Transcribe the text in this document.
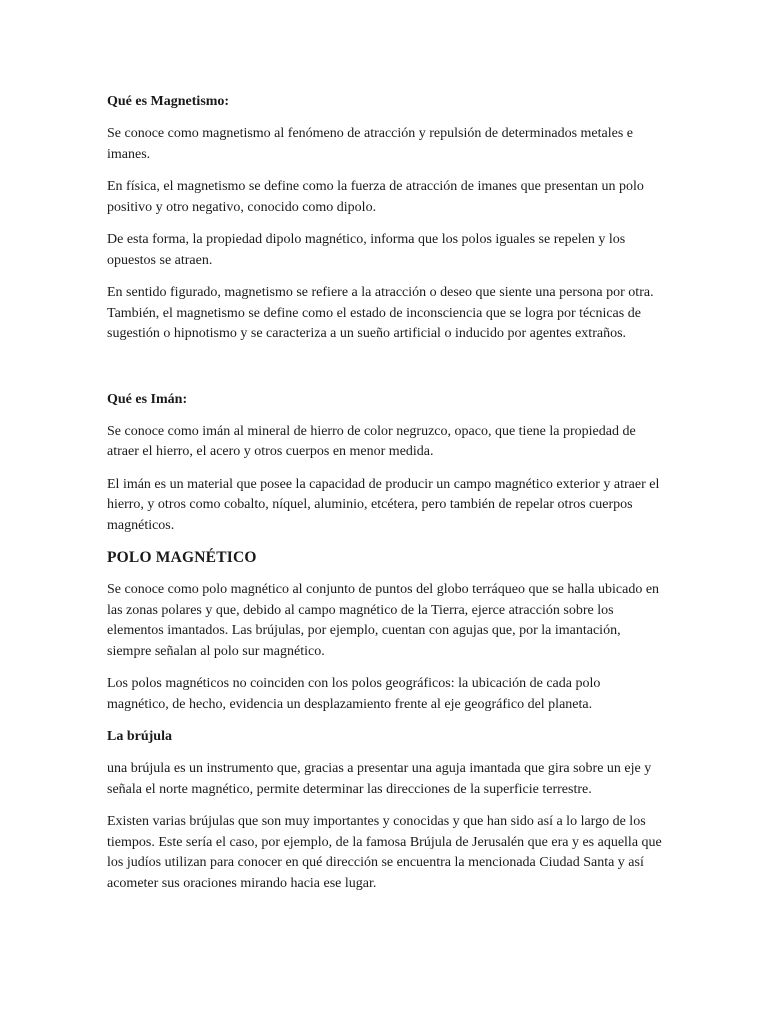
Qué es Magnetismo:

Se conoce como magnetismo al fenómeno de atracción y repulsión de determinados metales e imanes.

En física, el magnetismo se define como la fuerza de atracción de imanes que presentan un polo positivo y otro negativo, conocido como dipolo.

De esta forma, la propiedad dipolo magnético, informa que los polos iguales se repelen y los opuestos se atraen.

En sentido figurado, magnetismo se refiere a la atracción o deseo que siente una persona por otra. También, el magnetismo se define como el estado de inconsciencia que se logra por técnicas de sugestión o hipnotismo y se caracteriza a un sueño artificial o inducido por agentes extraños.

Qué es Imán:

Se conoce como imán al mineral de hierro de color negruzco, opaco, que tiene la propiedad de atraer el hierro, el acero y otros cuerpos en menor medida.

El imán es un material que posee la capacidad de producir un campo magnético exterior y atraer el hierro, y otros como cobalto, níquel, aluminio, etcétera, pero también de repelar otros cuerpos magnéticos.

POLO MAGNÉTICO

Se conoce como polo magnético al conjunto de puntos del globo terráqueo que se halla ubicado en las zonas polares y que, debido al campo magnético de la Tierra, ejerce atracción sobre los elementos imantados. Las brújulas, por ejemplo, cuentan con agujas que, por la imantación, siempre señalan al polo sur magnético.

Los polos magnéticos no coinciden con los polos geográficos: la ubicación de cada polo magnético, de hecho, evidencia un desplazamiento frente al eje geográfico del planeta.

La brújula

una brújula es un instrumento que, gracias a presentar una aguja imantada que gira sobre un eje y señala el norte magnético, permite determinar las direcciones de la superficie terrestre.

Existen varias brújulas que son muy importantes y conocidas y que han sido así a lo largo de los tiempos. Este sería el caso, por ejemplo, de la famosa Brújula de Jerusalén que era y es aquella que los judíos utilizan para conocer en qué dirección se encuentra la mencionada Ciudad Santa y así acometer sus oraciones mirando hacia ese lugar.
